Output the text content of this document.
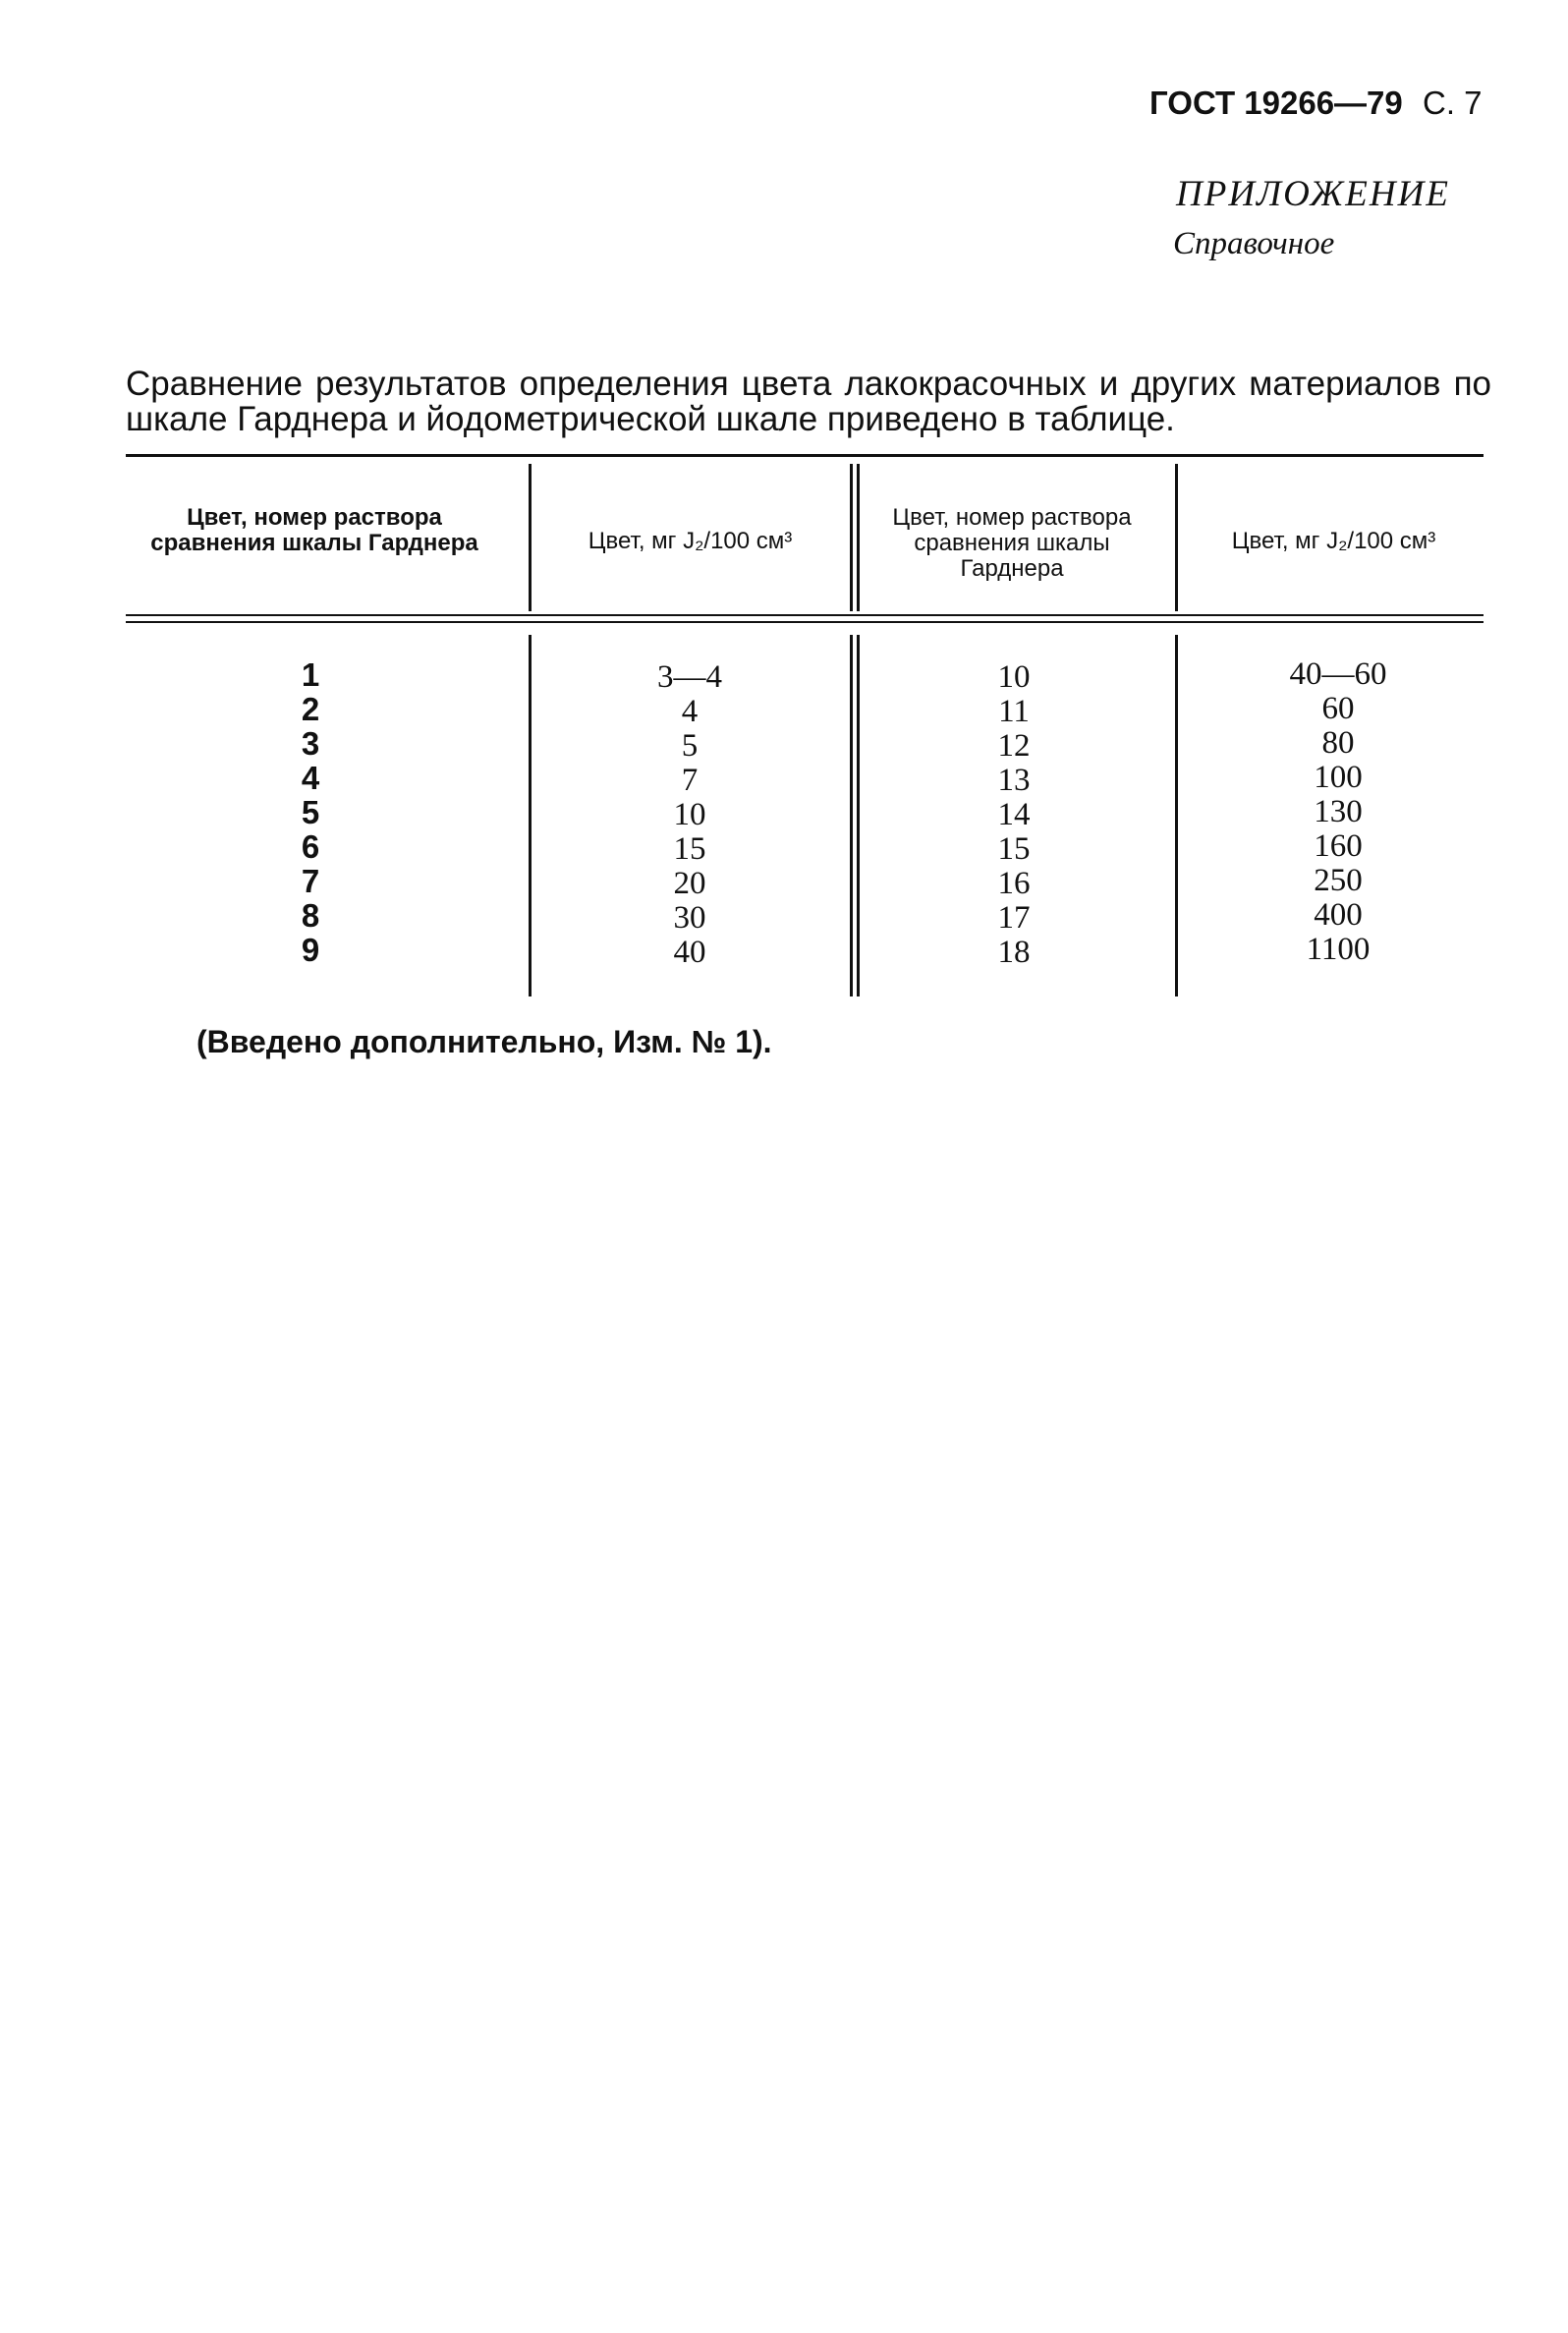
ГОСТ 19266—79 С. 7
ПРИЛОЖЕНИЕ
Справочное
Сравнение результатов определения цвета лакокрасочных и других материалов по шкале Гарднера и йодометрической шкале приведено в таблице.
Цвет, номер раствора сравнения шкалы Гарднера	Цвет, мг J₂/100 см³
Цвет, номер раствора сравнения шкалы Гарднера
Цвет, мг J₂/100 см³
1
2
3
4
5
6
7
8
9
3—4
4
5
7
10
15
20
30
40
10
11
12
13
14
15
16
17
18
40—60
60
80
100
130
160
250
400
1100
(Введено дополнительно, Изм. № 1).
